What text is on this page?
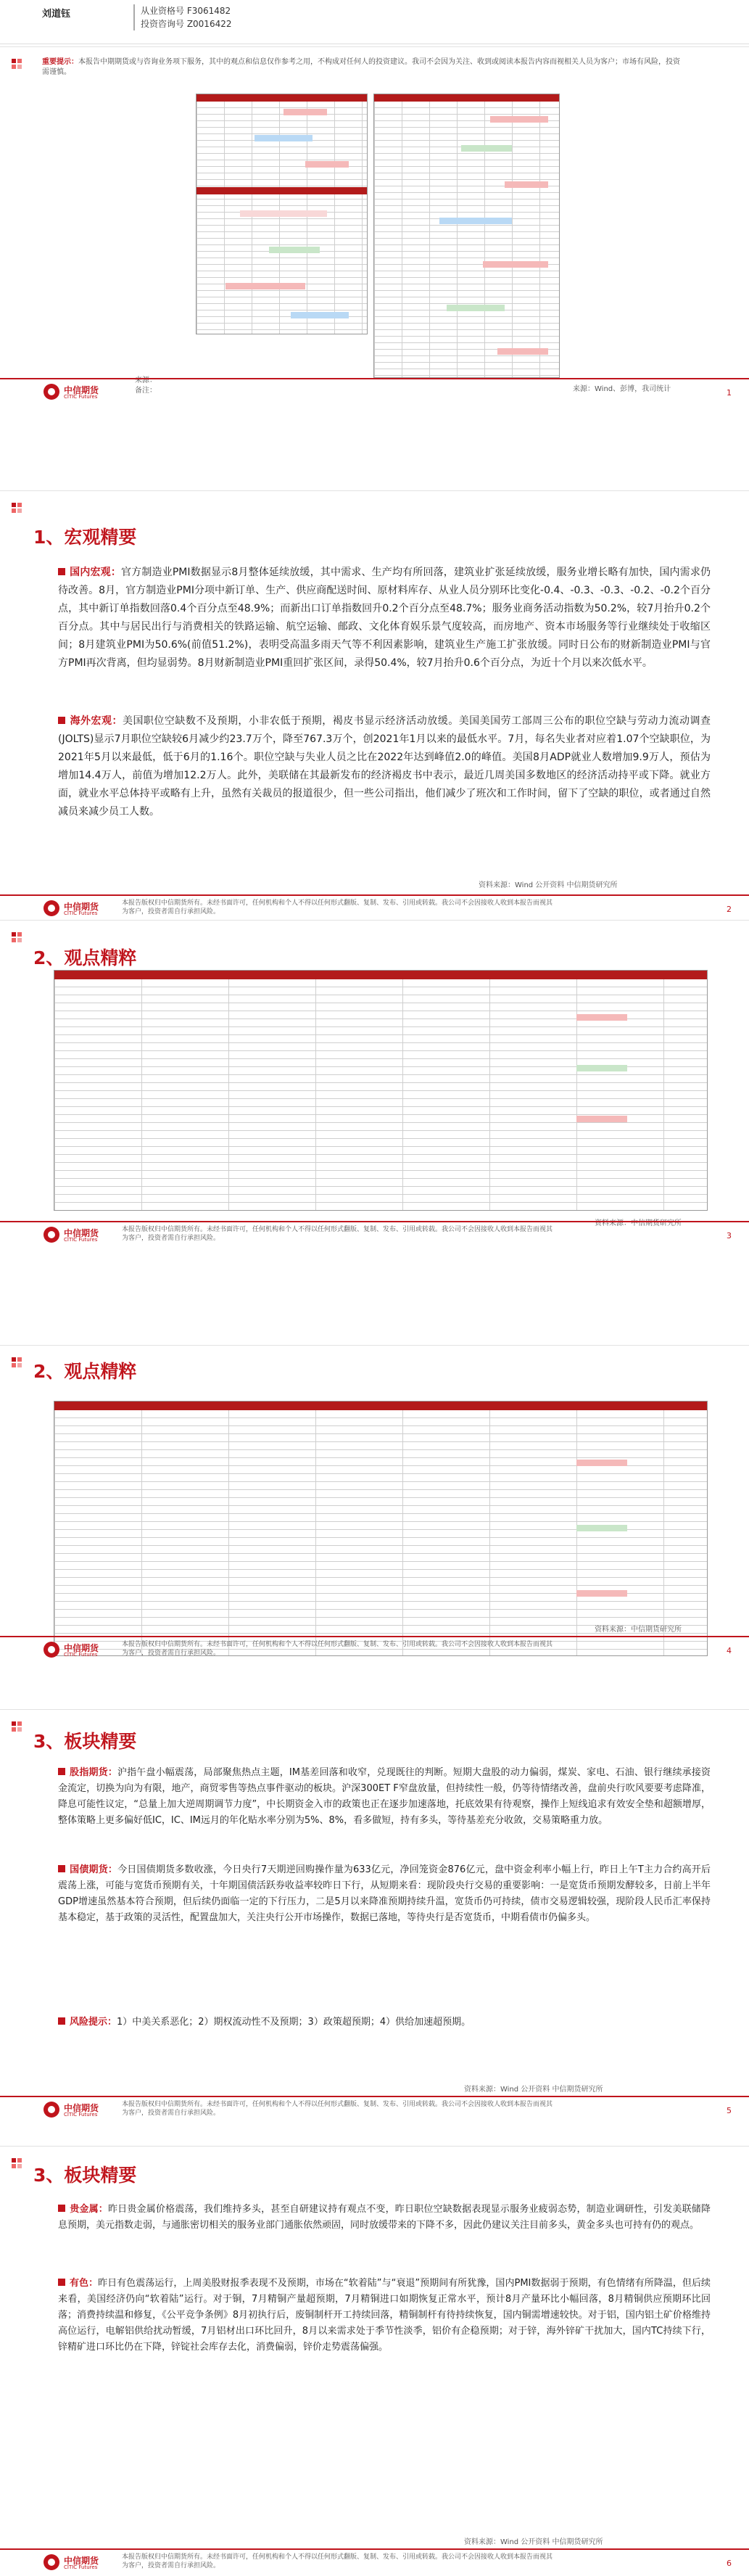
刘道钰	从业资格号 F3061482
投资咨询号 Z0016422
重要提示：本报告中期期货或与咨询业务项下服务，其中的观点和信息仅作参考之用，不构成对任何人的投资建议。我司不会因为关注、收到或阅读本报告内容而视相关人员为客户；市场有风险，投资需谨慎。
来源：
备注：	来源：Wind、彭博，我司统计
中信期货
CITIC Futures	1
1、宏观精要
国内宏观：官方制造业PMI数据显示8月整体延续放缓，其中需求、生产均有所回落，建筑业扩张延续放缓，服务业增长略有加快，国内需求仍待改善。8月，官方制造业PMI分项中新订单、生产、供应商配送时间、原材料库存、从业人员分别环比变化-0.4、-0.3、-0.3、-0.2、-0.2个百分点，其中新订单指数回落0.4个百分点至48.9%；而新出口订单指数回升0.2个百分点至48.7%；服务业商务活动指数为50.2%，较7月抬升0.2个百分点。其中与居民出行与消费相关的铁路运输、航空运输、邮政、文化体育娱乐景气度较高，而房地产、资本市场服务等行业继续处于收缩区间；8月建筑业PMI为50.6%(前值51.2%)，表明受高温多雨天气等不利因素影响，建筑业生产施工扩张放缓。同时日公布的财新制造业PMI与官方PMI再次背离，但均显弱势。8月财新制造业PMI重回扩张区间，录得50.4%，较7月抬升0.6个百分点，为近十个月以来次低水平。
海外宏观：美国职位空缺数不及预期，小非农低于预期，褐皮书显示经济活动放缓。美国美国劳工部周三公布的职位空缺与劳动力流动调查(JOLTS)显示7月职位空缺较6月减少约23.7万个，降至767.3万个，创2021年1月以来的最低水平。7月，每名失业者对应着1.07个空缺职位，为2021年5月以来最低，低于6月的1.16个。职位空缺与失业人员之比在2022年达到峰值2.0的峰值。美国8月ADP就业人数增加9.9万人，预估为增加14.4万人，前值为增加12.2万人。此外，美联储在其最新发布的经济褐皮书中表示，最近几周美国多数地区的经济活动持平或下降。就业方面，就业水平总体持平或略有上升，虽然有关裁员的报道很少，但一些公司指出，他们减少了班次和工作时间，留下了空缺的职位，或者通过自然减员来减少员工人数。
资料来源：Wind 公开资料 中信期货研究所
中信期货
CITIC Futures
本报告版权归中信期货所有。未经书面许可，任何机构和个人不得以任何形式翻版、复制、发布、引用或转载。我公司不会因接收人收到本报告而视其为客户，投资者需自行承担风险。	2
2、观点精粹
资料来源：中信期货研究所
中信期货
CITIC Futures
本报告版权归中信期货所有。未经书面许可，任何机构和个人不得以任何形式翻版、复制、发布、引用或转载。我公司不会因接收人收到本报告而视其为客户，投资者需自行承担风险。	3
2、观点精粹
资料来源：中信期货研究所
中信期货
CITIC Futures
本报告版权归中信期货所有。未经书面许可，任何机构和个人不得以任何形式翻版、复制、发布、引用或转载。我公司不会因接收人收到本报告而视其为客户，投资者需自行承担风险。	4
3、板块精要
股指期货：沪指午盘小幅震荡，局部聚焦热点主题，IM基差回落和收窄，兑现既往的判断。短期大盘股的动力偏弱，煤炭、家电、石油、银行继续承接资金流定，切换为向为有限，地产，商贸零售等热点事件驱动的板块。沪深300ET F窄盘放量，但持续性一般，仍等待情绪改善，盘前央行吹风要要考虑降准，降息可能性议定，“总量上加大逆周期调节力度”，中长期资金入市的政策也正在逐步加速落地，托底效果有待观察，操作上短线追求有效安全垫和超额增厚，整体策略上更多偏好低IC，IC、IM远月的年化贴水率分别为5%、8%，看多做短，持有多头，等待基差充分收敛，交易策略重力放。
国债期货：今日国债期货多数收涨，今日央行7天期逆回购操作量为633亿元，净回笼资金876亿元，盘中资金利率小幅上行，昨日上午T主力合约高开后震荡上涨，可能与宽货币预期有关，十年期国债活跃券收益率较昨日下行，从短期来看：现阶段央行交易的重要影响：一是宽货币预期发酵较多，日前上半年GDP增速虽然基本符合预期，但后续仍面临一定的下行压力，二是5月以来降准预期持续升温，宽货币仍可持续，债市交易逻辑较强，现阶段人民币汇率保持基本稳定，基于政策的灵活性，配置盘加大，关注央行公开市场操作，数据已落地，等待央行是否宽货币，中期看债市仍偏多头。
风险提示：1）中美关系恶化；2）期权流动性不及预期；3）政策超预期；4）供给加速超预期。
资料来源：Wind 公开资料 中信期货研究所
中信期货
CITIC Futures
本报告版权归中信期货所有。未经书面许可，任何机构和个人不得以任何形式翻版、复制、发布、引用或转载。我公司不会因接收人收到本报告而视其为客户，投资者需自行承担风险。	5
3、板块精要
贵金属：昨日贵金属价格震荡，我们维持多头，甚至自研建议持有观点不变，昨日职位空缺数据表现显示服务业疲弱态势，制造业调研性，引发美联储降息预期，美元指数走弱，与通胀密切相关的服务业部门通胀依然顽固，同时放缓带来的下降不多，因此仍建议关注目前多头，黄金多头也可持有仍的观点。
有色：昨日有色震荡运行，上周美股财报季表现不及预期，市场在“软着陆”与“衰退”预期间有所犹豫，国内PMI数据弱于预期，有色情绪有所降温，但后续来看，美国经济仍向“软着陆”运行。对于铜，7月精铜产量超预期，7月精铜进口如期恢复正常水平，预计8月产量环比小幅回落，8月精铜供应预期环比回落；消费持续温和修复，《公平竞争条例》8月初执行后，废铜制杆开工持续回落，精铜制杆有待持续恢复，国内铜需增速较快。对于铝，国内铝土矿价格维持高位运行，电解铝供给扰动暂缓，7月铝材出口环比回升，8月以来需求处于季节性淡季，铝价有企稳预期；对于锌，海外锌矿干扰加大，国内TC持续下行，锌精矿进口环比仍在下降，锌锭社会库存去化，消费偏弱，锌价走势震荡偏强。
资料来源：Wind 公开资料 中信期货研究所
中信期货
CITIC Futures
本报告版权归中信期货所有。未经书面许可，任何机构和个人不得以任何形式翻版、复制、发布、引用或转载。我公司不会因接收人收到本报告而视其为客户，投资者需自行承担风险。	6
